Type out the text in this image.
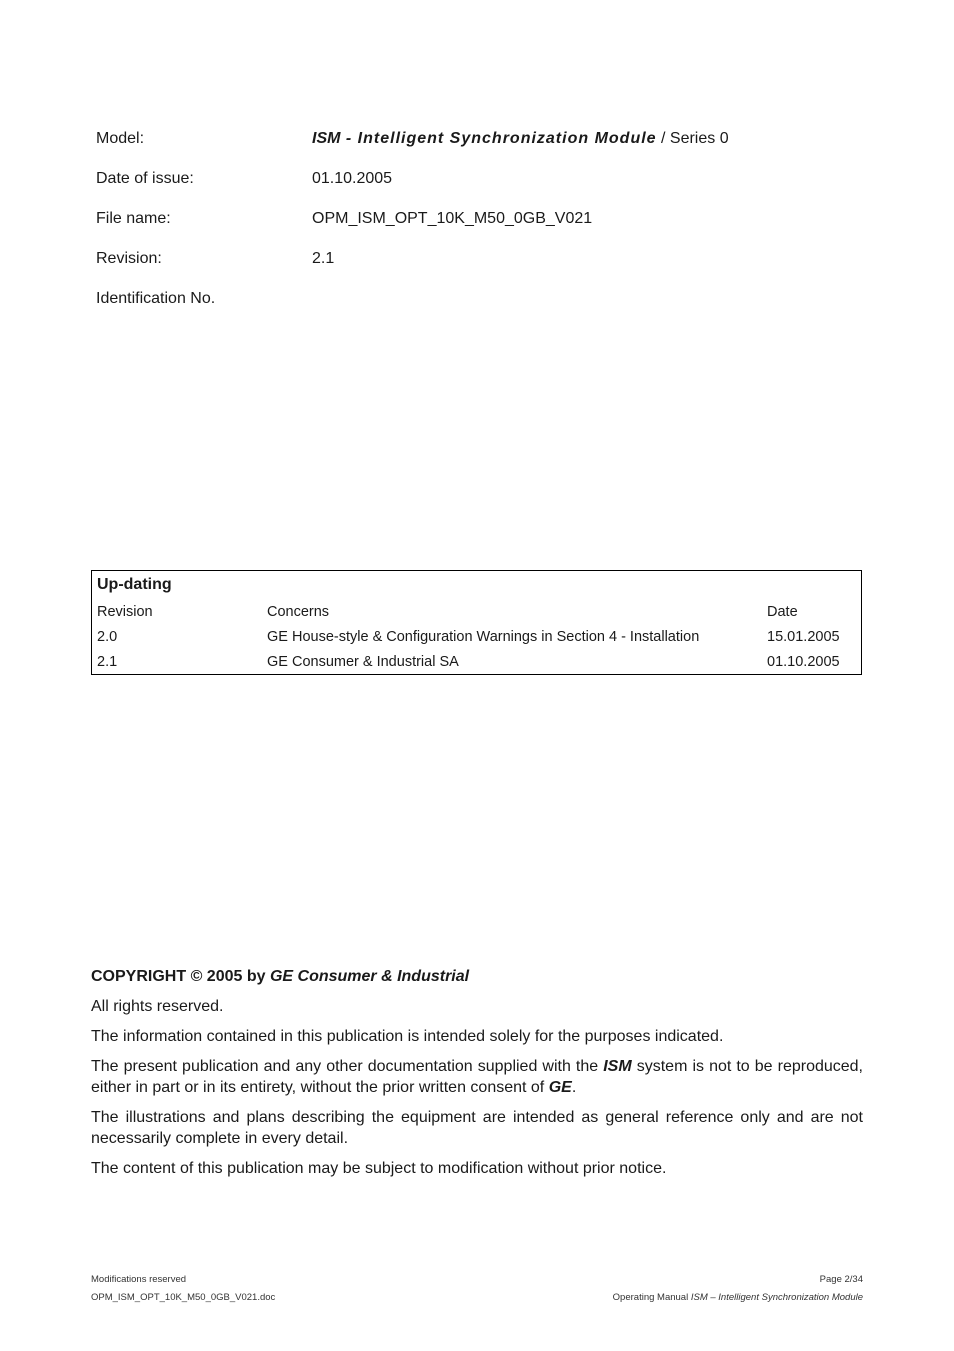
Model:	ISM - Intelligent Synchronization Module / Series 0
Date of issue:	01.10.2005
File name:	OPM_ISM_OPT_10K_M50_0GB_V021
Revision:	2.1
Identification No.
Up-dating
Revision	Concerns	Date
2.0	GE House-style & Configuration Warnings in Section 4 - Installation	15.01.2005
2.1	GE Consumer & Industrial SA	01.10.2005

COPYRIGHT © 2005 by GE Consumer & Industrial

All rights reserved.

The information contained in this publication is intended solely for the purposes indicated.

The present publication and any other documentation supplied with the ISM system is not to be reproduced, either in part or in its entirety, without the prior written consent of GE.

The illustrations and plans describing the equipment are intended as general reference only and are not necessarily complete in every detail.

The content of this publication may be subject to modification without prior notice.

Modifications reserved
OPM_ISM_OPT_10K_M50_0GB_V021.doc
Page 2/34
Operating Manual ISM – Intelligent Synchronization Module
